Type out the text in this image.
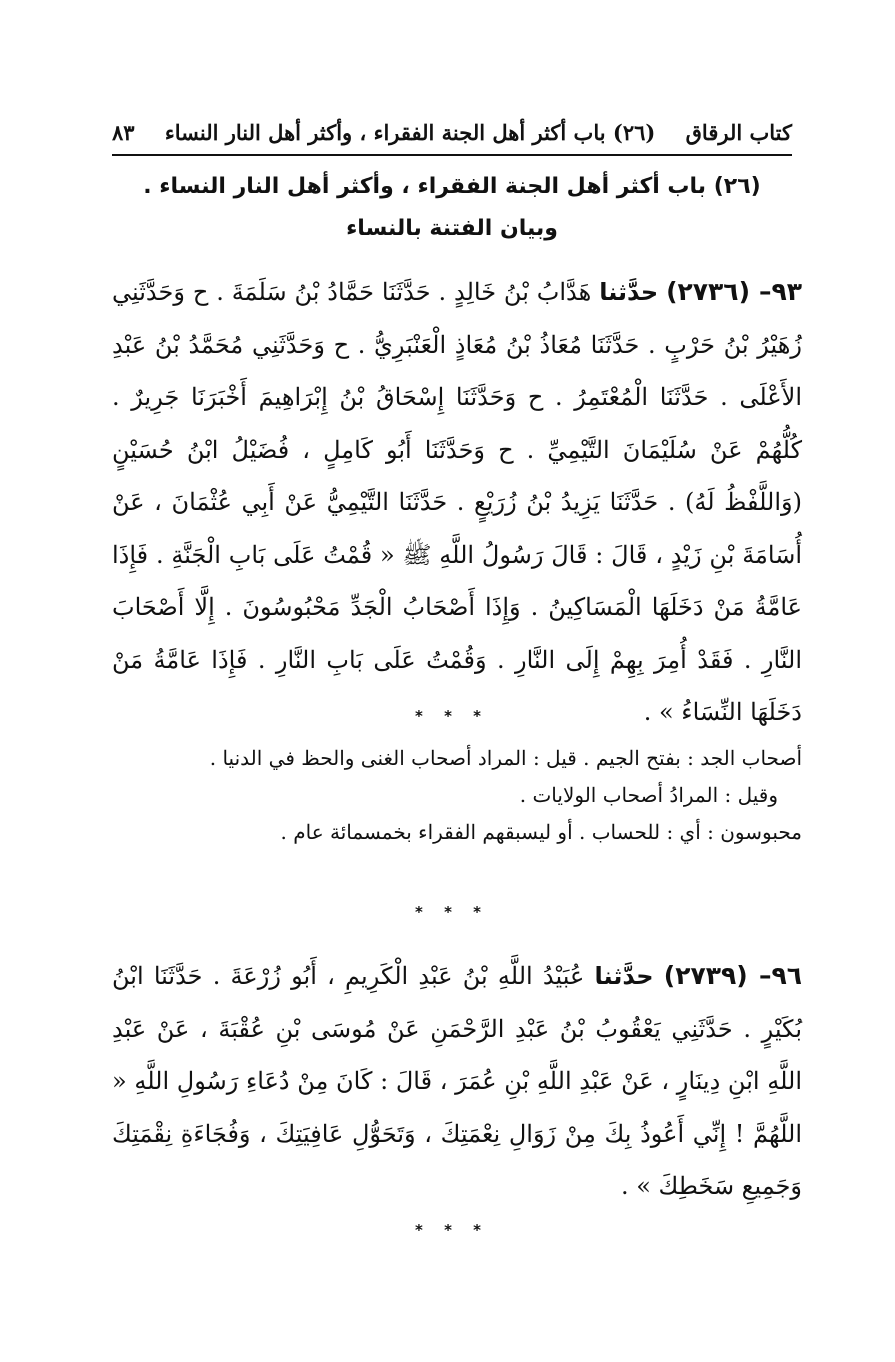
كتاب الرقاق
(٢٦) باب أكثر أهل الجنة الفقراء ، وأكثر أهل النار النساء
٨٣
(٢٦) باب أكثر أهل الجنة الفقراء ، وأكثر أهل النار النساء . وبيان الفتنة بالنساء
٩٣– (٢٧٣٦) حدَّثنا هَدَّابُ بْنُ خَالِدٍ . حَدَّثَنَا حَمَّادُ بْنُ سَلَمَةَ . ح وَحَدَّثَنِي زُهَيْرُ بْنُ حَرْبٍ . حَدَّثَنَا مُعَاذُ بْنُ مُعَاذٍ الْعَنْبَرِيُّ . ح وَحَدَّثَنِي مُحَمَّدُ بْنُ عَبْدِ الأَعْلَى . حَدَّثَنَا الْمُعْتَمِرُ . ح وَحَدَّثَنَا إِسْحَاقُ بْنُ إِبْرَاهِيمَ أَخْبَرَنَا جَرِيرٌ . كُلُّهُمْ عَنْ سُلَيْمَانَ التَّيْمِيِّ . ح وَحَدَّثَنَا أَبُو كَامِلٍ ، فُضَيْلُ ابْنُ حُسَيْنٍ (وَاللَّفْظُ لَهُ) . حَدَّثَنَا يَزِيدُ بْنُ زُرَيْعٍ . حَدَّثَنَا التَّيْمِيُّ عَنْ أَبِي عُثْمَانَ ، عَنْ أُسَامَةَ بْنِ زَيْدٍ ، قَالَ : قَالَ رَسُولُ اللَّهِ ﷺ « قُمْتُ عَلَى بَابِ الْجَنَّةِ . فَإِذَا عَامَّةُ مَنْ دَخَلَهَا الْمَسَاكِينُ . وَإِذَا أَصْحَابُ الْجَدِّ مَحْبُوسُونَ . إِلَّا أَصْحَابَ النَّارِ . فَقَدْ أُمِرَ بِهِمْ إِلَى النَّارِ . وَقُمْتُ عَلَى بَابِ النَّارِ . فَإِذَا عَامَّةُ مَنْ دَخَلَهَا النِّسَاءُ » .
* * *
أصحاب الجد : بفتح الجيم . قيل : المراد أصحاب الغنى والحظ في الدنيا .
وقيل : المرادُ أصحاب الولايات .
محبوسون : أي : للحساب . أو ليسبقهم الفقراء بخمسمائة عام .
* * *
٩٦– (٢٧٣٩) حدَّثنا عُبَيْدُ اللَّهِ بْنُ عَبْدِ الْكَرِيمِ ، أَبُو زُرْعَةَ . حَدَّثَنَا ابْنُ بُكَيْرٍ . حَدَّثَنِي يَعْقُوبُ بْنُ عَبْدِ الرَّحْمَنِ عَنْ مُوسَى بْنِ عُقْبَةَ ، عَنْ عَبْدِ اللَّهِ ابْنِ دِينَارٍ ، عَنْ عَبْدِ اللَّهِ بْنِ عُمَرَ ، قَالَ : كَانَ مِنْ دُعَاءِ رَسُولِ اللَّهِ « اللَّهُمَّ ! إِنِّي أَعُوذُ بِكَ مِنْ زَوَالِ نِعْمَتِكَ ، وَتَحَوُّلِ عَافِيَتِكَ ، وَفُجَاءَةِ نِقْمَتِكَ وَجَمِيعِ سَخَطِكَ » .
* * *
